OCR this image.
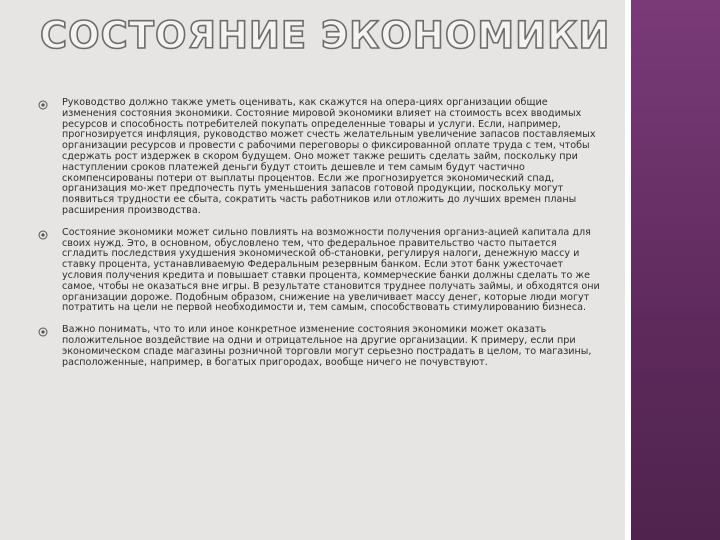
СОСТОЯНИЕ ЭКОНОМИКИ
Руководство должно также уметь оценивать, как скажутся на опера-циях организации общие изменения состояния экономики. Состояние мировой экономики влияет на стоимость всех вводимых ресурсов и способность потребителей покупать определенные товары и услуги. Если, например, прогнозируется инфляция, руководство может счесть желательным увеличение запасов поставляемых организации ресурсов и провести с рабочими переговоры о фиксированной оплате труда с тем, чтобы сдержать рост издержек в скором будущем. Оно может также решить сделать займ, поскольку при наступлении сроков платежей деньги будут стоить дешевле и тем самым будут частично скомпенсированы потери от выплаты процентов. Если же прогнозируется экономический спад, организация мо-жет предпочесть путь уменьшения запасов готовой продукции, поскольку могут появиться трудности ее сбыта, сократить часть работников или отложить до лучших времен планы расширения производства.
Состояние экономики может сильно повлиять на возможности получения организ-ацией капитала для своих нужд. Это, в основном, обусловлено тем, что федеральное правительство часто пытается сгладить последствия ухудшения экономической об-становки, регулируя налоги, денежную массу и ставку процента, устанавливаемую Федеральным резервным банком. Если этот банк ужесточает условия получения кредита и повышает ставки процента, коммерческие банки должны сделать то же самое, чтобы не оказаться вне игры. В результате становится труднее получать займы, и обходятся они организации дороже. Подобным образом, снижение на увеличивает массу денег, которые люди могут потратить на цели не первой необходимости и, тем самым, способствовать стимулированию бизнеса.
Важно понимать, что то или иное конкретное изменение состояния экономики может оказать положительное воздействие на одни и отрицательное на другие организации. К примеру, если при экономическом спаде магазины розничной торговли могут серьезно пострадать в целом, то магазины, расположенные, например, в богатых пригородах, вообще ничего не почувствуют.
